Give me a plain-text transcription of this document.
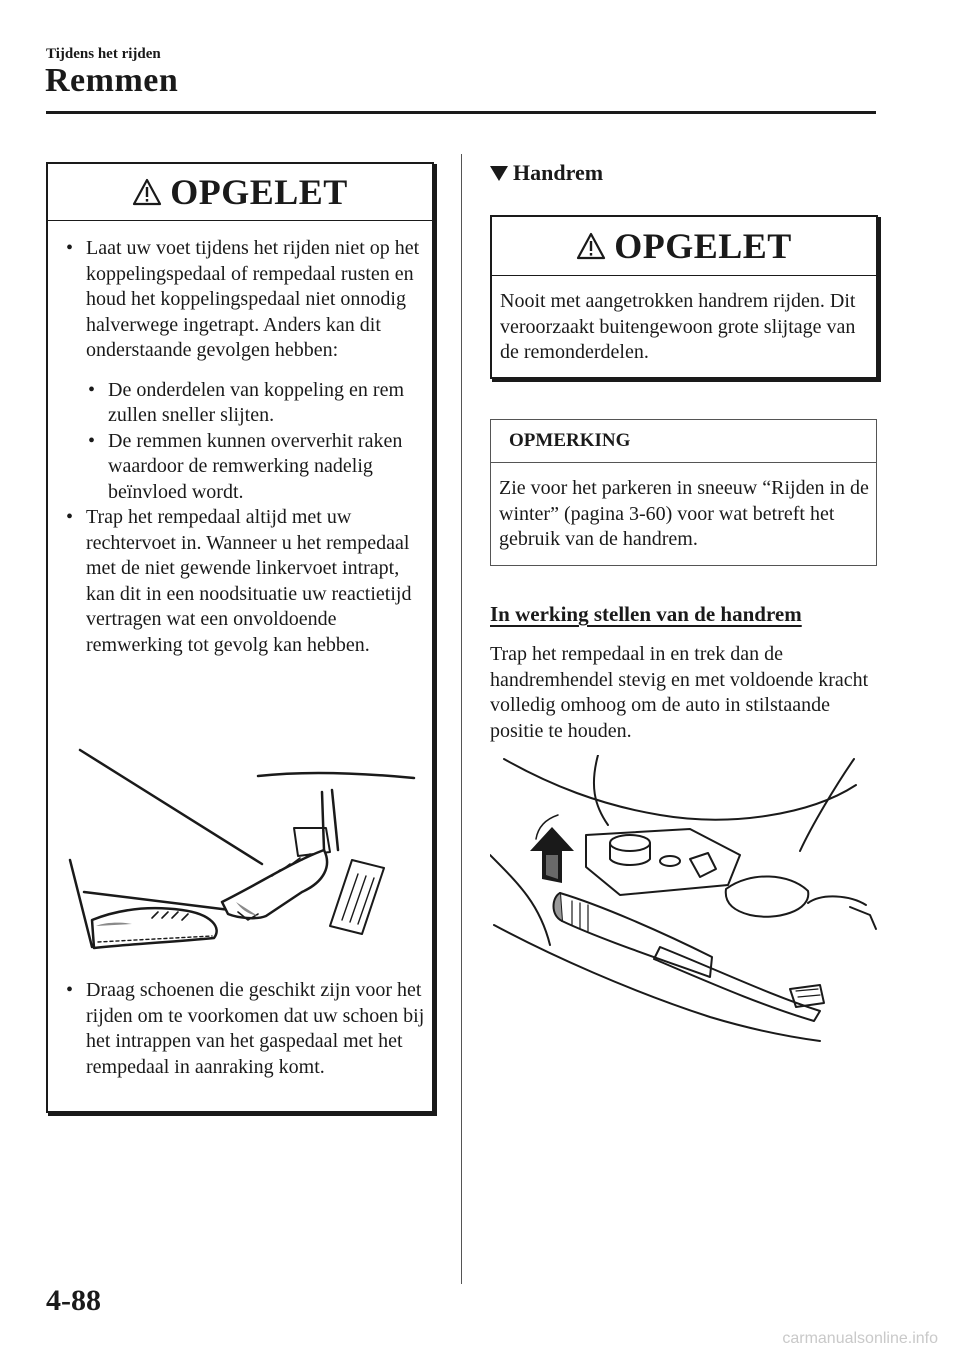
Tijdens het rijden
Remmen
OPGELET
• Laat uw voet tijdens het rijden niet op het koppelingspedaal of rempedaal rusten en houd het koppelingspedaal niet onnodig halverwege ingetrapt. Anders kan dit onderstaande gevolgen hebben:
• De onderdelen van koppeling en rem zullen sneller slijten.
• De remmen kunnen oververhit raken waardoor de remwerking nadelig beïnvloed wordt.
• Trap het rempedaal altijd met uw rechtervoet in. Wanneer u het rempedaal met de niet gewende linkervoet intrapt, kan dit in een noodsituatie uw reactietijd vertragen wat een onvoldoende remwerking tot gevolg kan hebben.
• Draag schoenen die geschikt zijn voor het rijden om te voorkomen dat uw schoen bij het intrappen van het gaspedaal met het rempedaal in aanraking komt.
Handrem
OPGELET
Nooit met aangetrokken handrem rijden. Dit veroorzaakt buitengewoon grote slijtage van de remonderdelen.
OPMERKING
Zie voor het parkeren in sneeuw “Rijden in de winter” (pagina 3-60) voor wat betreft het gebruik van de handrem.
In werking stellen van de handrem
Trap het rempedaal in en trek dan de handremhendel stevig en met voldoende kracht volledig omhoog om de auto in stilstaande positie te houden.
4-88
carmanualsonline.info
